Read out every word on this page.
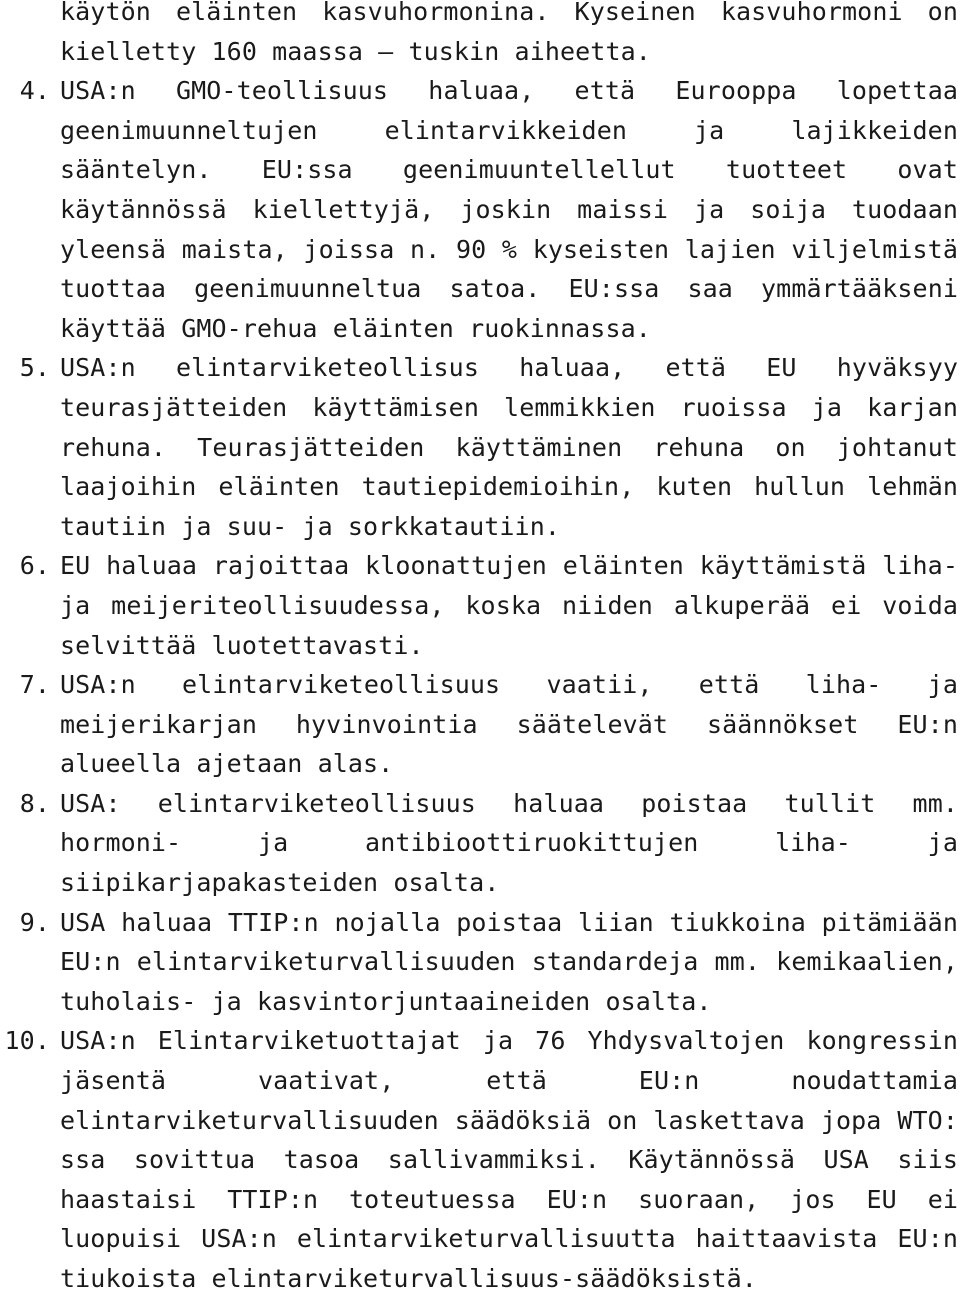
käytön eläinten kasvuhormonina. Kyseinen kasvuhormoni on kielletty 160 maassa – tuskin aiheetta.

4. USA:n GMO-teollisuus haluaa, että Eurooppa lopettaa geenimuunneltujen elintarvikkeiden ja lajikkeiden sääntelyn. EU:ssa geenimuuntellellut tuotteet ovat käytännössä kiellettyjä, joskin maissi ja soija tuodaan yleensä maista, joissa n. 90 % kyseisten lajien viljelmistä tuottaa geenimuunneltua satoa. EU:ssa saa ymmärtääkseni käyttää GMO-rehua eläinten ruokinnassa.

5. USA:n elintarviketeollisus haluaa, että EU hyväksyy teurasjätteiden käyttämisen lemmikkien ruoissa ja karjan rehuna. Teurasjätteiden käyttäminen rehuna on johtanut laajoihin eläinten tautiepidemioihin, kuten hullun lehmän tautiin ja suu- ja sorkkatautiin.

6. EU haluaa rajoittaa kloonattujen eläinten käyttämistä liha- ja meijeriteollisuudessa, koska niiden alkuperää ei voida selvittää luotettavasti.

7. USA:n elintarviketeollisuus vaatii, että liha- ja meijerikarjan hyvinvointia säätelevät säännökset EU:n alueella ajetaan alas.

8. USA: elintarviketeollisuus haluaa poistaa tullit mm. hormoni- ja antibioottiruokittujen liha- ja siipikarjapakasteiden osalta.

9. USA haluaa TTIP:n nojalla poistaa liian tiukkoina pitämiään EU:n elintarviketurvallisuuden standardeja mm. kemikaalien, tuholais- ja kasvintorjuntaaineiden osalta.

10. USA:n Elintarviketuottajat ja 76 Yhdysvaltojen kongressin jäsentä vaativat, että EU:n noudattamia elintarviketurvallisuuden säädöksiä on laskettava jopa WTO: ssa sovittua tasoa sallivammiksi. Käytännössä USA siis haastaisi TTIP:n toteutuessa EU:n suoraan, jos EU ei luopuisi USA:n elintarviketurvallisuutta haittaavista EU:n tiukoista elintarviketurvallisuus-säädöksistä.
